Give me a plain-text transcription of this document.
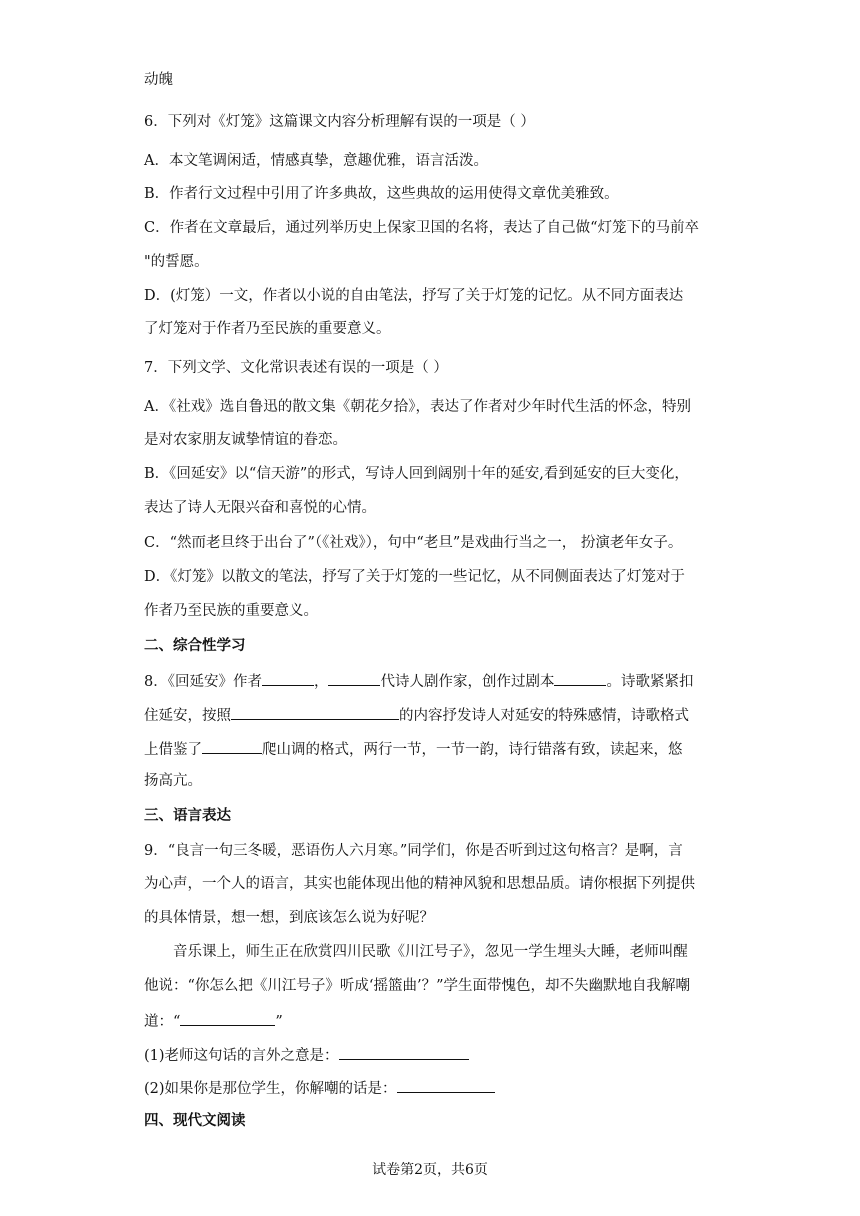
动魄
6．下列对《灯笼》这篇课文内容分析理解有误的一项是（ ）
A．本文笔调闲适，情感真挚，意趣优雅，语言活泼。
B．作者行文过程中引用了许多典故，这些典故的运用使得文章优美雅致。
C．作者在文章最后，通过列举历史上保家卫国的名将，表达了自己做“灯笼下的马前卒
"的誓愿。
D．(灯笼）一文，作者以小说的自由笔法，抒写了关于灯笼的记忆。从不同方面表达
了灯笼对于作者乃至民族的重要意义。
7．下列文学、文化常识表述有误的一项是（ ）
A．《社戏》选自鲁迅的散文集《朝花夕拾》，表达了作者对少年时代生活的怀念，特别
是对农家朋友诚挚情谊的眷恋。
B．《回延安》以“信天游”的形式，写诗人回到阔别十年的延安,看到延安的巨大变化，
表达了诗人无限兴奋和喜悦的心情。
C．“然而老旦终于出台了”（《社戏》），句中“老旦”是戏曲行当之一， 扮演老年女子。
D．《灯笼》以散文的笔法，抒写了关于灯笼的一些记忆，从不同侧面表达了灯笼对于
作者乃至民族的重要意义。
二、综合性学习
8．《回延安》作者	，	代诗人剧作家，创作过剧本	。诗歌紧紧扣
住延安，按照	的内容抒发诗人对延安的特殊感情，诗歌格式
上借鉴了	爬山调的格式，两行一节，一节一韵，诗行错落有致，读起来，悠
扬高亢。
三、语言表达
9．“良言一句三冬暖，恶语伤人六月寒。”同学们，你是否听到过这句格言？是啊，言
为心声，一个人的语言，其实也能体现出他的精神风貌和思想品质。请你根据下列提供
的具体情景，想一想，到底该怎么说为好呢？
音乐课上，师生正在欣赏四川民歌《川江号子》，忽见一学生埋头大睡，老师叫醒
他说：“你怎么把《川江号子》听成‘摇篮曲’？”学生面带愧色，却不失幽默地自我解嘲
道：“	”
(1)老师这句话的言外之意是：
(2)如果你是那位学生，你解嘲的话是：
四、现代文阅读
试卷第2页，共6页
